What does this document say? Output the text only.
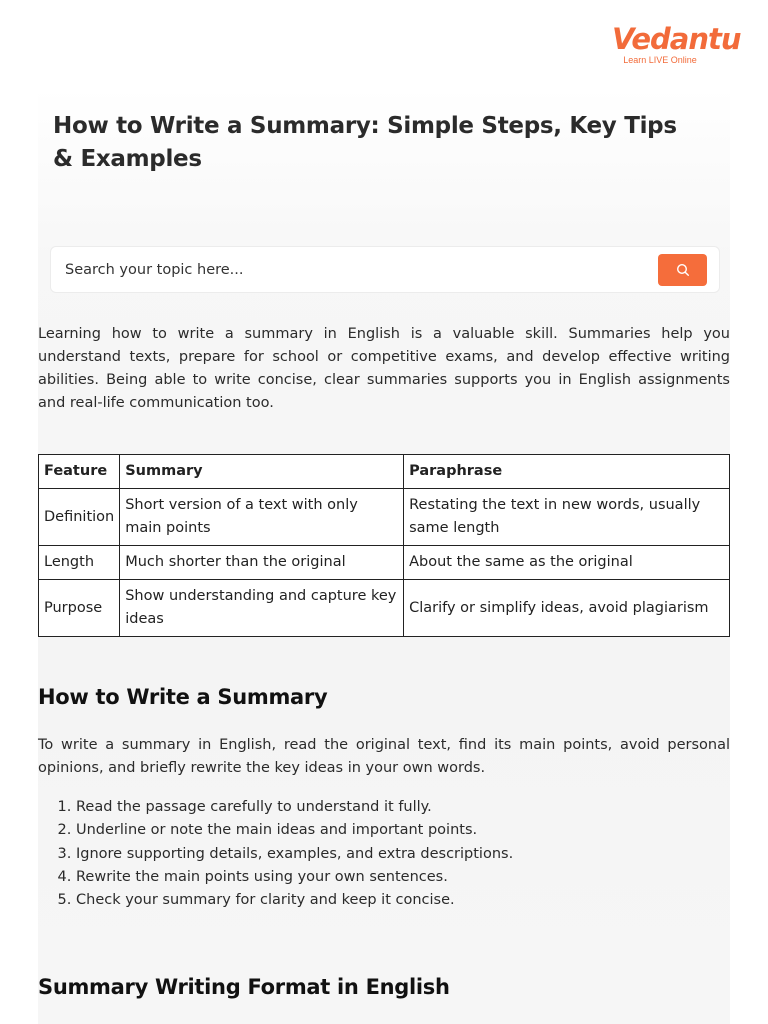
Vedantu
Learn LIVE Online
How to Write a Summary: Simple Steps, Key Tips & Examples
Search your topic here...

Learning how to write a summary in English is a valuable skill. Summaries help you understand texts, prepare for school or competitive exams, and develop effective writing abilities. Being able to write concise, clear summaries supports you in English assignments and real-life communication too.

Feature	Summary	Paraphrase
Definition	Short version of a text with only main points	Restating the text in new words, usually same length
Length	Much shorter than the original	About the same as the original
Purpose	Show understanding and capture key ideas	Clarify or simplify ideas, avoid plagiarism
How to Write a Summary

To write a summary in English, read the original text, find its main points, avoid personal opinions, and briefly rewrite the key ideas in your own words.

1. Read the passage carefully to understand it fully.
2. Underline or note the main ideas and important points.
3. Ignore supporting details, examples, and extra descriptions.
4. Rewrite the main points using your own sentences.
5. Check your summary for clarity and keep it concise.
Summary Writing Format in English
